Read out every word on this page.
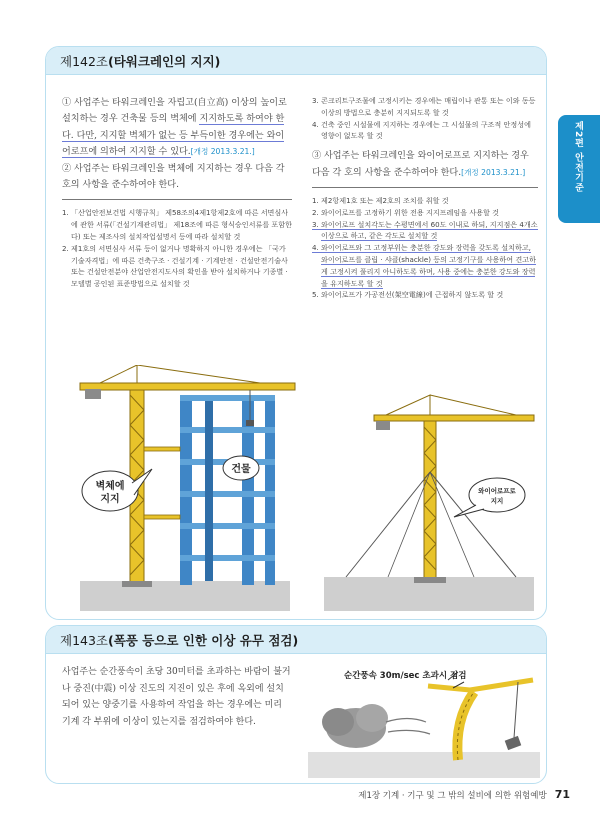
제2편 안전기준
제142조(타워크레인의 지지)

① 사업주는 타워크레인을 자립고(自立高) 이상의 높이로 설치하는 경우 건축물 등의 벽체에 지지하도록 하여야 한다. 다만, 지지할 벽체가 없는 등 부득이한 경우에는 와이어로프에 의하여 지지할 수 있다.[개정 2013.3.21.]

② 사업주는 타워크레인을 벽체에 지지하는 경우 다음 각 호의 사항을 준수하여야 한다.

1. 「산업안전보건법 시행규칙」 제58조의4제1항제2호에 따른 서면심사에 관한 서류(「건설기계관리법」 제18조에 따른 형식승인서류를 포함한다) 또는 제조사의 설치작업설명서 등에 따라 설치할 것

2. 제1호의 서면심사 서류 등이 없거나 명확하지 아니한 경우에는 「국가기술자격법」에 따른 건축구조 · 건설기계 · 기계안전 · 건설안전기술사 또는 건설안전분야 산업안전지도사의 확인을 받아 설치하거나 기종별 · 모델별 공인된 표준방법으로 설치할 것

3. 콘크리트구조물에 고정시키는 경우에는 매립이나 관통 또는 이와 동등 이상의 방법으로 충분히 지지되도록 할 것

4. 건축 중인 시설물에 지지하는 경우에는 그 시설물의 구조적 안정성에 영향이 없도록 할 것

③ 사업주는 타워크레인을 와이어로프로 지지하는 경우 다음 각 호의 사항을 준수하여야 한다.[개정 2013.3.21.]

1. 제2항제1호 또는 제2호의 조치를 취할 것

2. 와이어로프를 고정하기 위한 전용 지지프레임을 사용할 것

3. 와이어로프 설치각도는 수평면에서 60도 이내로 하되, 지지점은 4개소 이상으로 하고, 같은 각도로 설치할 것

4. 와이어로프와 그 고정부위는 충분한 강도와 장력을 갖도록 설치하고, 와이어로프를 클립 · 샤클(shackle) 등의 고정기구를 사용하여 견고하게 고정시켜 풀리지 아니하도록 하며, 사용 중에는 충분한 강도와 장력을 유지하도록 할 것

5. 와이어로프가 가공전선(架空電線)에 근접하지 않도록 할 것

벽체에
지지
건물
와이어로프로
지지
제143조(폭풍 등으로 인한 이상 유무 점검)

사업주는 순간풍속이 초당 30미터를 초과하는 바람이 불거나 중진(中震) 이상 진도의 지진이 있은 후에 옥외에 설치되어 있는 양중기를 사용하여 작업을 하는 경우에는 미리 기계 각 부위에 이상이 있는지를 점검하여야 한다.

순간풍속 30m/sec 초과시 점검
제1장 기계 · 기구 및 그 밖의 설비에 의한 위험예방 71
